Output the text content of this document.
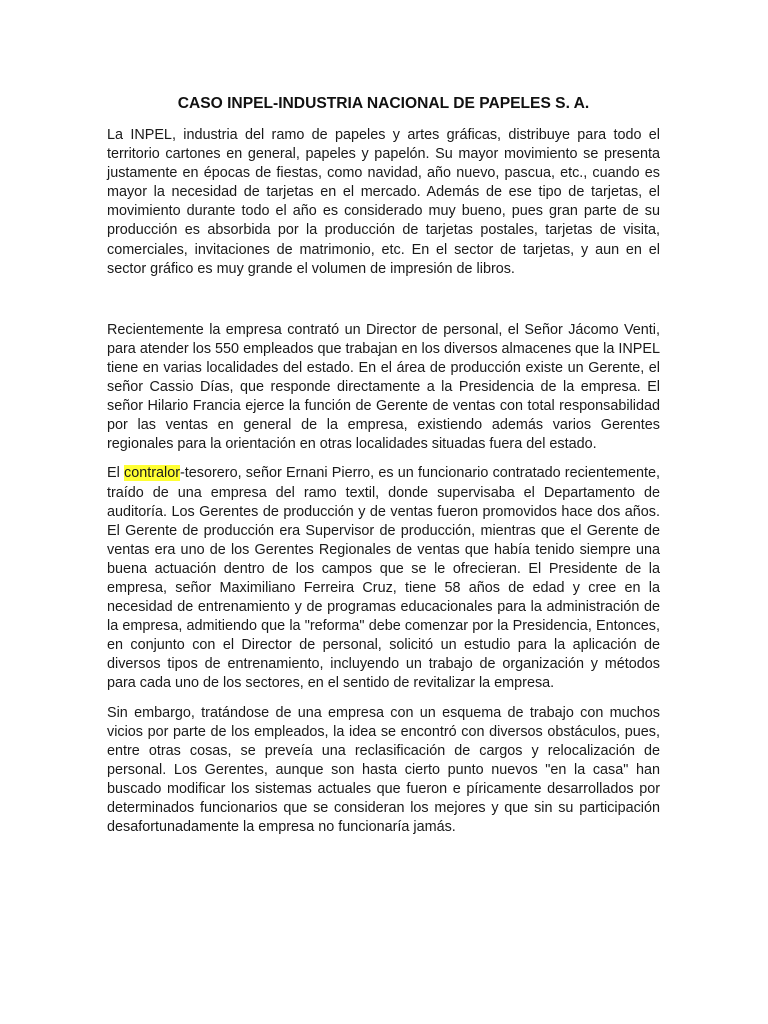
CASO INPEL-INDUSTRIA NACIONAL DE PAPELES S. A.

La INPEL, industria del ramo de papeles y artes gráficas, distribuye para todo el territorio cartones en general, papeles y papelón. Su mayor movimiento se presenta justamente en épocas de fiestas, como navidad, año nuevo, pascua, etc., cuando es mayor la necesidad de tarjetas en el mercado. Además de ese tipo de tarjetas, el movimiento durante todo el año es considerado muy bueno, pues gran parte de su producción es absorbida por la producción de tarjetas postales, tarjetas de visita, comerciales, invitaciones de matrimonio, etc. En el sector de tarjetas, y aun en el sector gráfico es muy grande el volumen de impresión de libros.

Recientemente la empresa contrató un Director de personal, el Señor Jácomo Venti, para atender los 550 empleados que trabajan en los diversos almacenes que la INPEL tiene en varias localidades del estado. En el área de producción existe un Gerente, el señor Cassio Días, que responde directamente a la Presidencia de la empresa. El señor Hilario Francia ejerce la función de Gerente de ventas con total responsabilidad por las ventas en general de la empresa, existiendo además varios Gerentes regionales para la orientación en otras localidades situadas fuera del estado.

El contralor-tesorero, señor Ernani Pierro, es un funcionario contratado recientemente, traído de una empresa del ramo textil, donde supervisaba el Departamento de auditoría. Los Gerentes de producción y de ventas fueron promovidos hace dos años. El Gerente de producción era Supervisor de producción, mientras que el Gerente de ventas era uno de los Gerentes Regionales de ventas que había tenido siempre una buena actuación dentro de los campos que se le ofrecieran. El Presidente de la empresa, señor Maximiliano Ferreira Cruz, tiene 58 años de edad y cree en la necesidad de entrenamiento y de programas educacionales para la administración de la empresa, admitiendo que la "reforma" debe comenzar por la Presidencia, Entonces, en conjunto con el Director de personal, solicitó un estudio para la aplicación de diversos tipos de entrenamiento, incluyendo un trabajo de organización y métodos para cada uno de los sectores, en el sentido de revitalizar la empresa.

Sin embargo, tratándose de una empresa con un esquema de trabajo con muchos vicios por parte de los empleados, la idea se encontró con diversos obstáculos, pues, entre otras cosas, se preveía una reclasificación de cargos y relocalización de personal. Los Gerentes, aunque son hasta cierto punto nuevos "en la casa" han buscado modificar los sistemas actuales que fueron e píricamente desarrollados por determinados funcionarios que se consideran los mejores y que sin su participación desafortunadamente la empresa no funcionaría jamás.
